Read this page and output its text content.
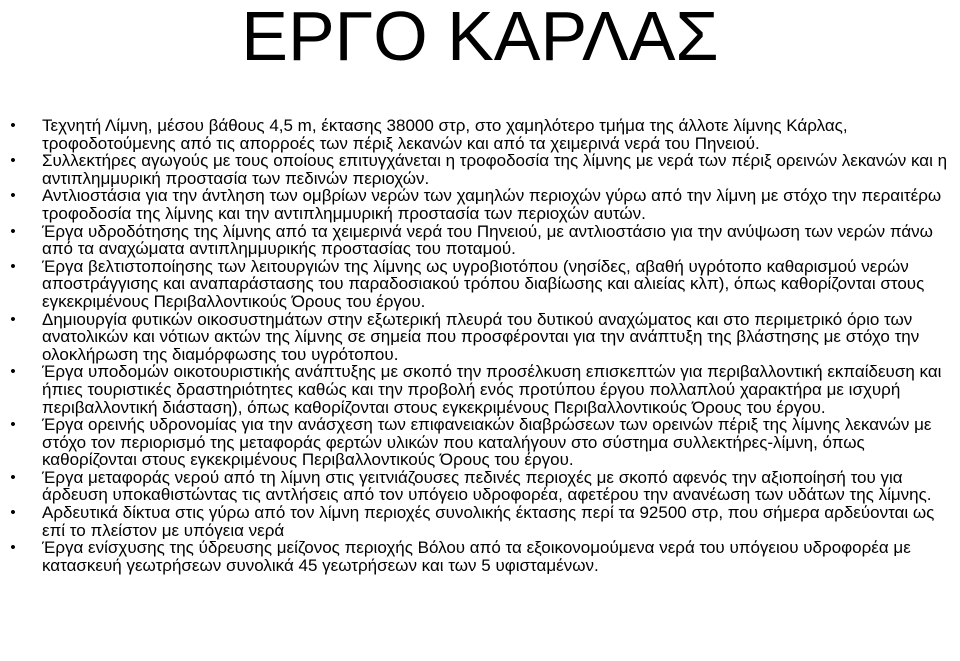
ΕΡΓΟ ΚΑΡΛΑΣ
• Τεχνητή Λίμνη, μέσου βάθους 4,5 m, έκτασης 38000 στρ, στο χαμηλότερο τμήμα της άλλοτε λίμνης Κάρλας, τροφοδοτούμενης από τις απορροές των πέριξ λεκανών και από τα χειμερινά νερά του Πηνειού.
• Συλλεκτήρες αγωγούς με τους οποίους επιτυγχάνεται η τροφοδοσία της λίμνης με νερά των πέριξ ορεινών λεκανών και η αντιπλημμυρική προστασία των πεδινών περιοχών.
• Αντλιοστάσια για την άντληση των ομβρίων νερών των χαμηλών περιοχών γύρω από την λίμνη με στόχο την περαιτέρω τροφοδοσία της λίμνης και την αντιπλημμυρική προστασία των περιοχών αυτών.
• Έργα υδροδότησης της λίμνης από τα χειμερινά νερά του Πηνειού, με αντλιοστάσιο για την ανύψωση των νερών πάνω από τα αναχώματα αντιπλημμυρικής προστασίας του ποταμού.
• Έργα βελτιστοποίησης των λειτουργιών της λίμνης ως υγροβιοτόπου (νησίδες, αβαθή υγρότοπο καθαρισμού νερών αποστράγγισης και αναπαράστασης του παραδοσιακού τρόπου διαβίωσης και αλιείας κλπ), όπως καθορίζονται στους εγκεκριμένους Περιβαλλοντικούς Όρους του έργου.
• Δημιουργία φυτικών οικοσυστημάτων στην εξωτερική πλευρά του δυτικού αναχώματος και στο περιμετρικό όριο των ανατολικών και νότιων ακτών της λίμνης σε σημεία που προσφέρονται για την ανάπτυξη της βλάστησης με στόχο την ολοκλήρωση της διαμόρφωσης του υγρότοπου.
• Έργα υποδομών οικοτουριστικής ανάπτυξης με σκοπό την προσέλκυση επισκεπτών για περιβαλλοντική εκπαίδευση και ήπιες τουριστικές δραστηριότητες καθώς και την προβολή ενός προτύπου έργου πολλαπλού χαρακτήρα με ισχυρή περιβαλλοντική διάσταση), όπως καθορίζονται στους εγκεκριμένους Περιβαλλοντικούς Όρους του έργου.
• Έργα ορεινής υδρονομίας για την ανάσχεση των επιφανειακών διαβρώσεων των ορεινών πέριξ της λίμνης λεκανών με στόχο τον περιορισμό της μεταφοράς φερτών υλικών που καταλήγουν στο σύστημα συλλεκτήρες-λίμνη, όπως καθορίζονται στους εγκεκριμένους Περιβαλλοντικούς Όρους του έργου.
• Έργα μεταφοράς νερού από τη λίμνη στις γειτνιάζουσες πεδινές περιοχές με σκοπό αφενός την αξιοποίησή του για άρδευση υποκαθιστώντας τις αντλήσεις από τον υπόγειο υδροφορέα, αφετέρου την ανανέωση των υδάτων της λίμνης.
• Αρδευτικά δίκτυα στις γύρω από τον λίμνη περιοχές συνολικής έκτασης περί τα 92500 στρ, που σήμερα αρδεύονται ως επί το πλείστον με υπόγεια νερά
• Έργα ενίσχυσης της ύδρευσης μείζονος περιοχής Βόλου από τα εξοικονομούμενα νερά του υπόγειου υδροφορέα με κατασκευή γεωτρήσεων συνολικά 45 γεωτρήσεων και των 5 υφισταμένων.
